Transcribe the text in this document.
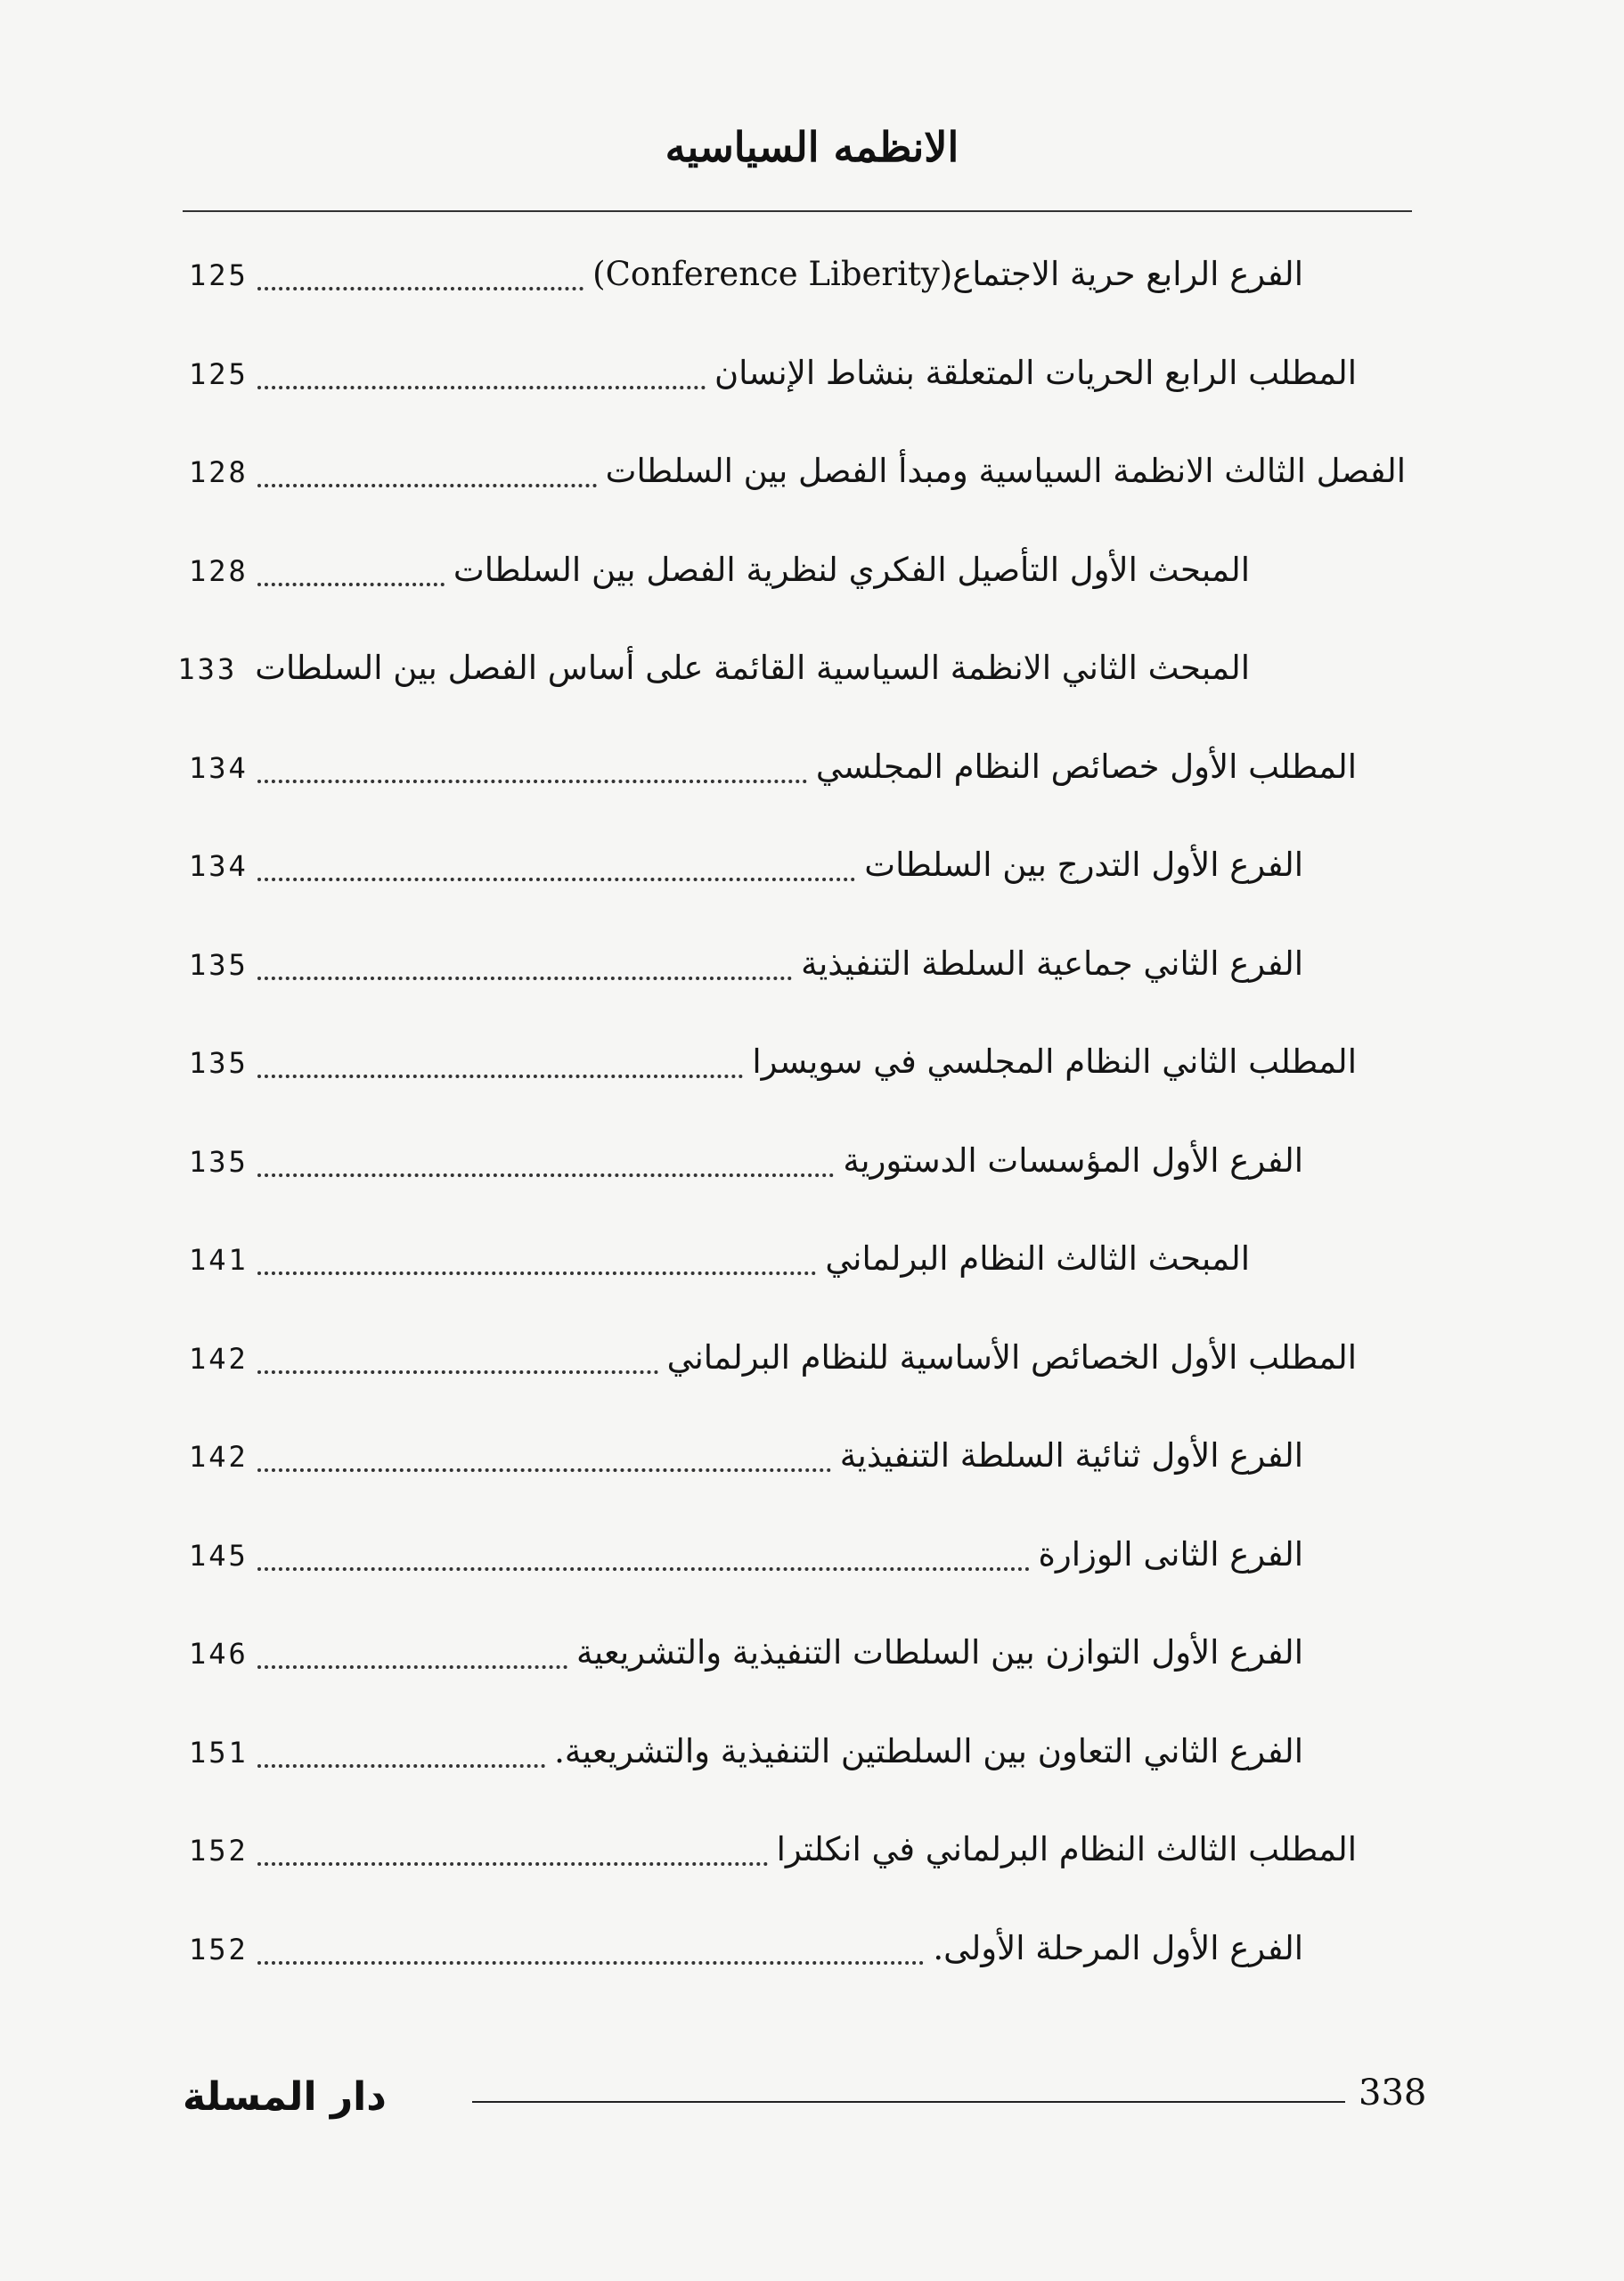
الانظمه السياسيه
الفرع الرابع حرية الاجتماع(Conference Liberity)
125
المطلب الرابع الحريات المتعلقة بنشاط الإنسان
125
الفصل الثالث الانظمة السياسية ومبدأ الفصل بين السلطات
128
المبحث الأول التأصيل الفكري لنظرية الفصل بين السلطات
128
المبحث الثاني الانظمة السياسية القائمة على أساس الفصل بين السلطات
133
المطلب الأول خصائص النظام المجلسي
134
الفرع الأول التدرج بين السلطات
134
الفرع الثاني جماعية السلطة التنفيذية
135
المطلب الثاني النظام المجلسي في سويسرا
135
الفرع الأول المؤسسات الدستورية
135
المبحث الثالث النظام البرلماني
141
المطلب الأول الخصائص الأساسية للنظام البرلماني
142
الفرع الأول ثنائية السلطة التنفيذية
142
الفرع الثانى الوزارة
145
الفرع الأول التوازن بين السلطات التنفيذية والتشريعية
146
الفرع الثاني التعاون بين السلطتين التنفيذية والتشريعية.
151
المطلب الثالث النظام البرلماني في انكلترا
152
الفرع الأول المرحلة الأولى.
152
دار المسلة	338
